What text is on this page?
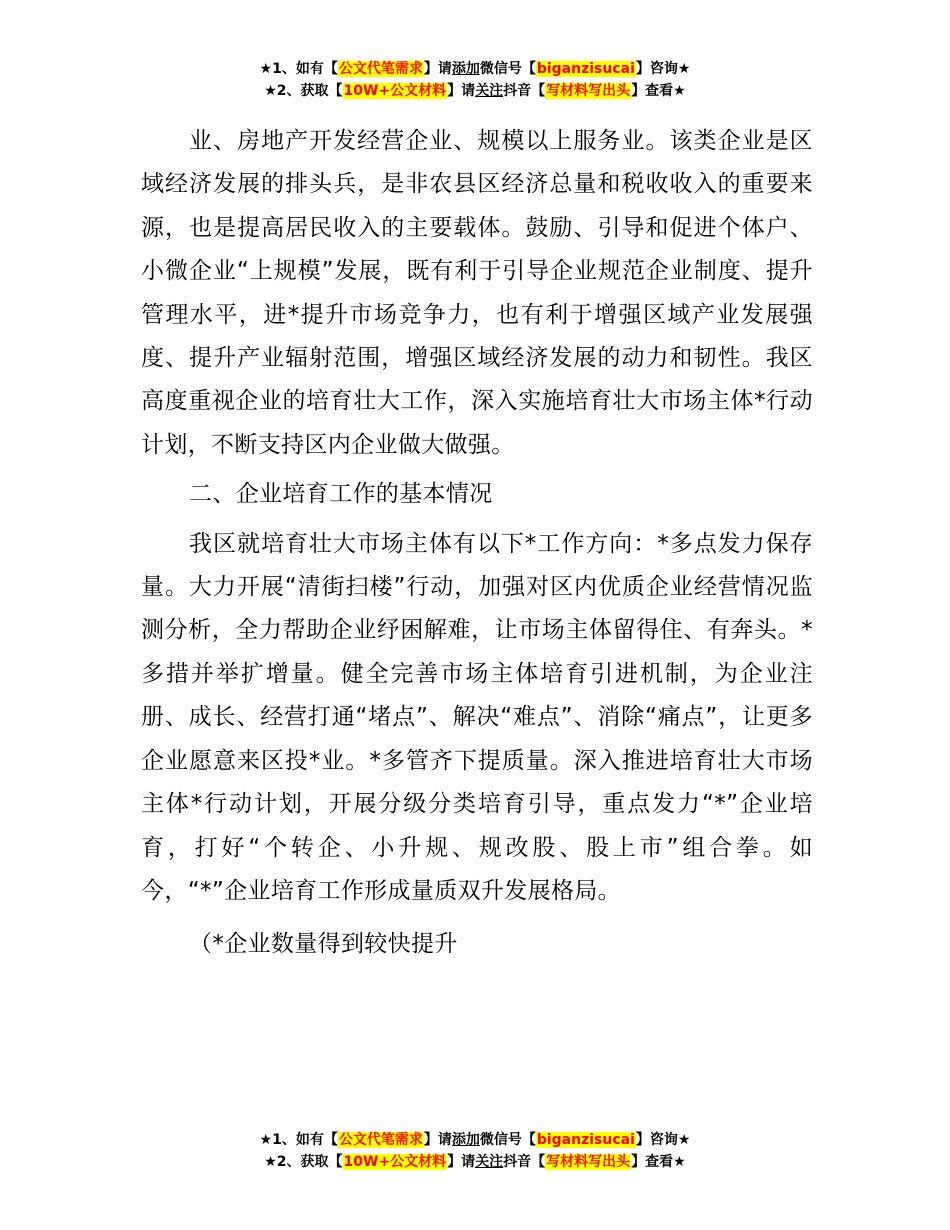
★1、如有【公文代笔需求】请添加微信号【biganzisucai】咨询★
★2、获取【10W+公文材料】请关注抖音【写材料写出头】查看★

业、房地产开发经营企业、规模以上服务业。该类企业是区域经济发展的排头兵，是非农县区经济总量和税收收入的重要来源，也是提高居民收入的主要载体。鼓励、引导和促进个体户、小微企业“上规模”发展，既有利于引导企业规范企业制度、提升管理水平，进*提升市场竞争力，也有利于增强区域产业发展强度、提升产业辐射范围，增强区域经济发展的动力和韧性。我区高度重视企业的培育壮大工作，深入实施培育壮大市场主体*行动计划，不断支持区内企业做大做强。

二、企业培育工作的基本情况

我区就培育壮大市场主体有以下*工作方向：*多点发力保存量。大力开展“清街扫楼”行动，加强对区内优质企业经营情况监测分析，全力帮助企业纾困解难，让市场主体留得住、有奔头。*多措并举扩增量。健全完善市场主体培育引进机制，为企业注册、成长、经营打通“堵点”、解决“难点”、消除“痛点”，让更多企业愿意来区投*业。*多管齐下提质量。深入推进培育壮大市场主体*行动计划，开展分级分类培育引导，重点发力“*”企业培育，打好“个转企、小升规、规改股、股上市”组合拳。如今，“*”企业培育工作形成量质双升发展格局。

（*企业数量得到较快提升

★1、如有【公文代笔需求】请添加微信号【biganzisucai】咨询★
★2、获取【10W+公文材料】请关注抖音【写材料写出头】查看★
